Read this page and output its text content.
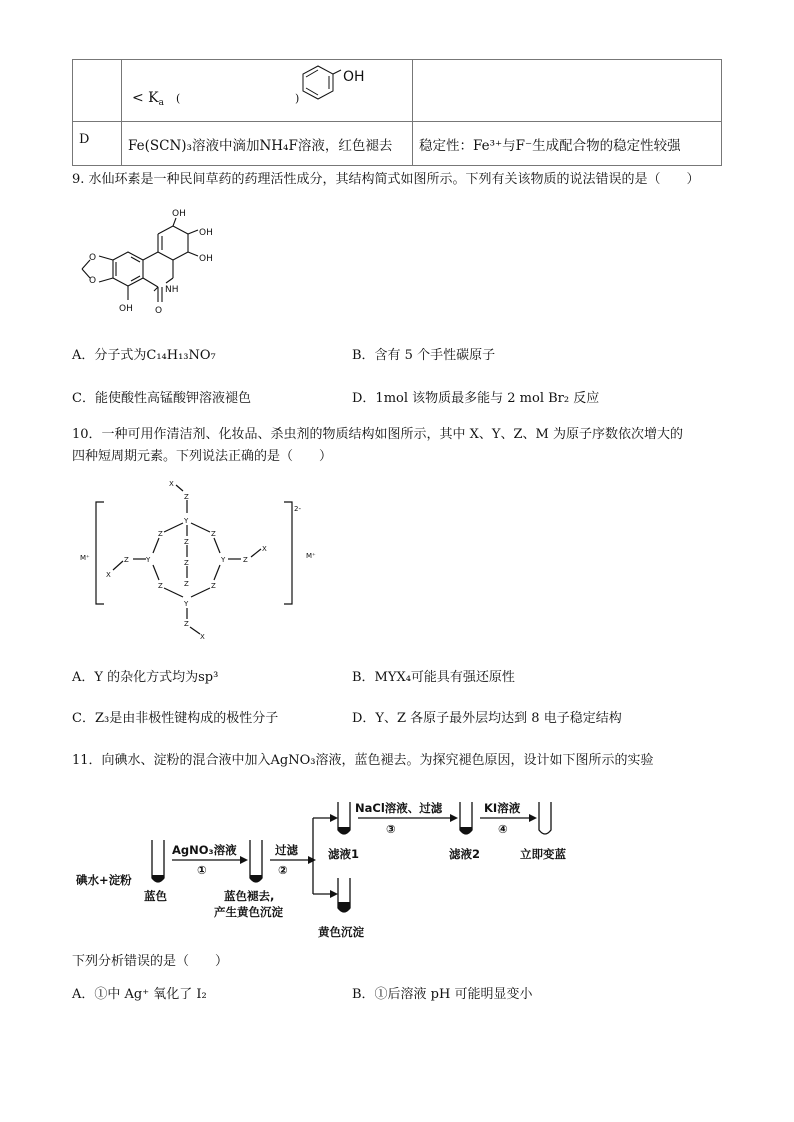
	OH
< $K_a$ ( )	

D	Fe(SCN)₃溶液中滴加NH₄F溶液，红色褪去	稳定性：Fe³⁺与F⁻生成配合物的稳定性较强
9. 水仙环素是一种民间草药的药理活性成分，其结构简式如图所示。下列有关该物质的说法错误的是（　　）
OH
OH
OH
NH
OH O
O
O
A．分子式为C₁₄H₁₃NO₇	B．含有 5 个手性碳原子
C．能使酸性高锰酸钾溶液褪色	D．1mol 该物质最多能与 2 mol Br₂ 反应
10．一种可用作清洁剂、化妆品、杀虫剂的物质结构如图所示，其中 X、Y、Z、M 为原子序数依次增大的
四种短周期元素。下列说法正确的是（　　）
X
Z
Y
Z	Z
Z
Z
Z
Y	Y
Z	Z
X
X
Z	Z
Y
Z
X
2-
M⁺	M⁺
A．Y 的杂化方式均为sp³	B．MYX₄可能具有强还原性
C．Z₃是由非极性键构成的极性分子	D．Y、Z 各原子最外层均达到 8 电子稳定结构
11．向碘水、淀粉的混合液中加入AgNO₃溶液，蓝色褪去。为探究褪色原因，设计如下图所示的实验
碘水+淀粉
蓝色
AgNO₃溶液
①
蓝色褪去,
产生黄色沉淀
过滤
②
滤液1
黄色沉淀
NaCl溶液、过滤
③
滤液2
KI溶液
④
立即变蓝
下列分析错误的是（　　）
A．①中 Ag⁺ 氧化了 I₂	B．①后溶液 pH 可能明显变小
